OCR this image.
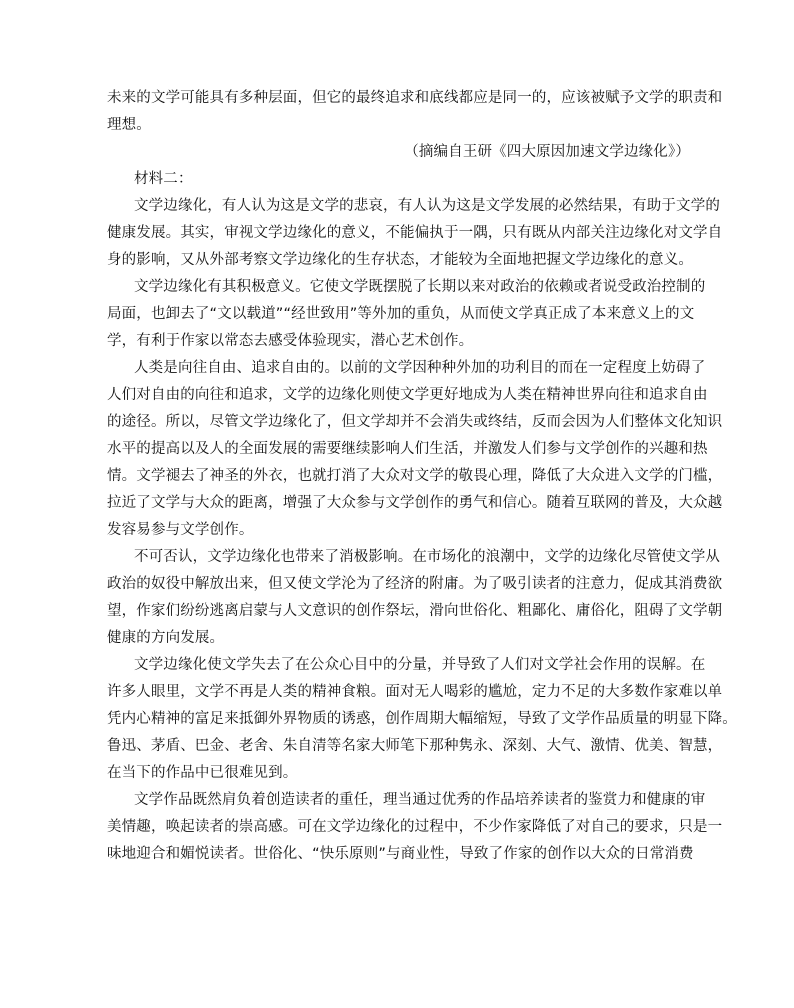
未来的文学可能具有多种层面，但它的最终追求和底线都应是同一的，应该被赋予文学的职责和
理想。
（摘编自王研《四大原因加速文学边缘化》）
材料二：
文学边缘化，有人认为这是文学的悲哀，有人认为这是文学发展的必然结果，有助于文学的
健康发展。其实，审视文学边缘化的意义，不能偏执于一隅，只有既从内部关注边缘化对文学自
身的影响，又从外部考察文学边缘化的生存状态，才能较为全面地把握文学边缘化的意义。
文学边缘化有其积极意义。它使文学既摆脱了长期以来对政治的依赖或者说受政治控制的
局面，也卸去了“文以载道”“经世致用”等外加的重负，从而使文学真正成了本来意义上的文
学，有利于作家以常态去感受体验现实，潜心艺术创作。
人类是向往自由、追求自由的。以前的文学因种种外加的功利目的而在一定程度上妨碍了
人们对自由的向往和追求，文学的边缘化则使文学更好地成为人类在精神世界向往和追求自由
的途径。所以，尽管文学边缘化了，但文学却并不会消失或终结，反而会因为人们整体文化知识
水平的提高以及人的全面发展的需要继续影响人们生活，并激发人们参与文学创作的兴趣和热
情。文学褪去了神圣的外衣，也就打消了大众对文学的敬畏心理，降低了大众进入文学的门槛，
拉近了文学与大众的距离，增强了大众参与文学创作的勇气和信心。随着互联网的普及，大众越
发容易参与文学创作。
不可否认，文学边缘化也带来了消极影响。在市场化的浪潮中，文学的边缘化尽管使文学从
政治的奴役中解放出来，但又使文学沦为了经济的附庸。为了吸引读者的注意力，促成其消费欲
望，作家们纷纷逃离启蒙与人文意识的创作祭坛，滑向世俗化、粗鄙化、庸俗化，阻碍了文学朝
健康的方向发展。
文学边缘化使文学失去了在公众心目中的分量，并导致了人们对文学社会作用的误解。在
许多人眼里，文学不再是人类的精神食粮。面对无人喝彩的尴尬，定力不足的大多数作家难以单
凭内心精神的富足来抵御外界物质的诱惑，创作周期大幅缩短，导致了文学作品质量的明显下降。
鲁迅、茅盾、巴金、老舍、朱自清等名家大师笔下那种隽永、深刻、大气、激情、优美、智慧，
在当下的作品中已很难见到。
文学作品既然肩负着创造读者的重任，理当通过优秀的作品培养读者的鉴赏力和健康的审
美情趣，唤起读者的崇高感。可在文学边缘化的过程中，不少作家降低了对自己的要求，只是一
味地迎合和媚悦读者。世俗化、“快乐原则”与商业性，导致了作家的创作以大众的日常消费
